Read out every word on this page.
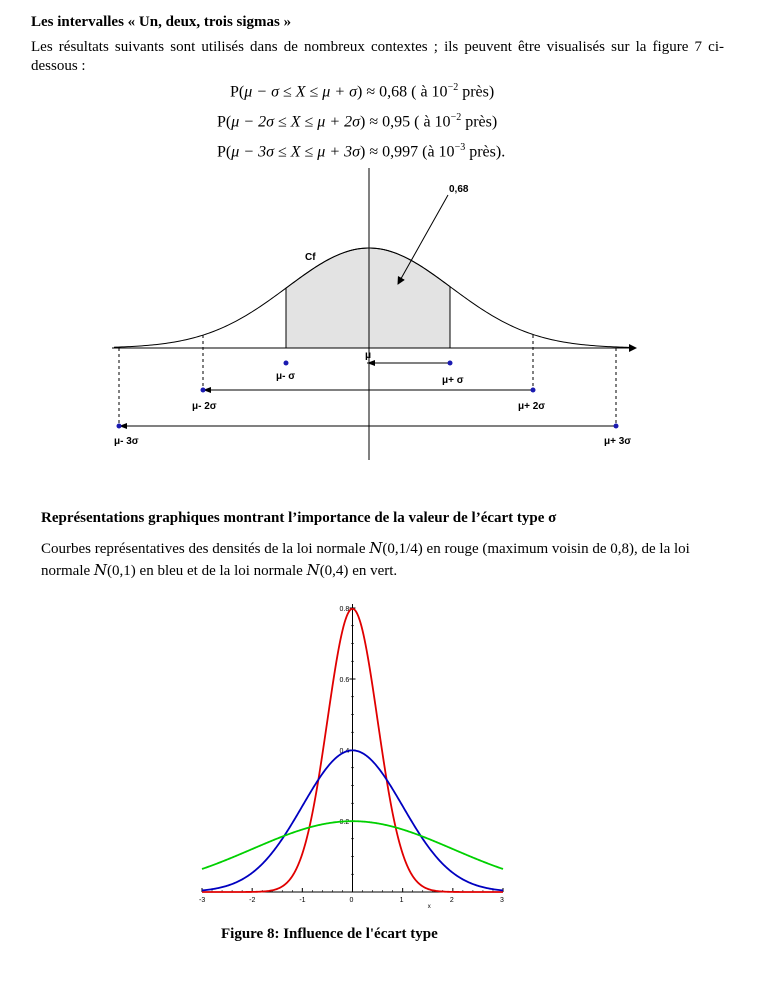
Les intervalles « Un, deux, trois sigmas »
Les résultats suivants sont utilisés dans de nombreux contextes ; ils peuvent être visualisés sur la figure 7 ci-dessous :
P(μ − σ ≤ X ≤ μ + σ) ≈ 0,68 ( à $10^{-2}$ près)
P(μ − 2σ ≤ X ≤ μ + 2σ) ≈ 0,95 ( à $10^{-2}$ près)
P(μ − 3σ ≤ X ≤ μ + 3σ) ≈ 0,997 (à $10^{-3}$ près).
0,68
Cf
μ
μ- σ	μ+ σ
μ- 2σ	μ+ 2σ
μ- 3σ	μ+ 3σ
Représentations graphiques montrant l’importance de la valeur de l’écart type σ
Courbes représentatives des densités de la loi normale N(0,1/4) en rouge (maximum voisin de 0,8), de la loi normale N(0,1) en bleu et de la loi normale N(0,4) en vert.
-3	-2	-1	0	1	2	3
0.2
0.4
0.6
0.8
x
Figure 8: Influence de l'écart type
